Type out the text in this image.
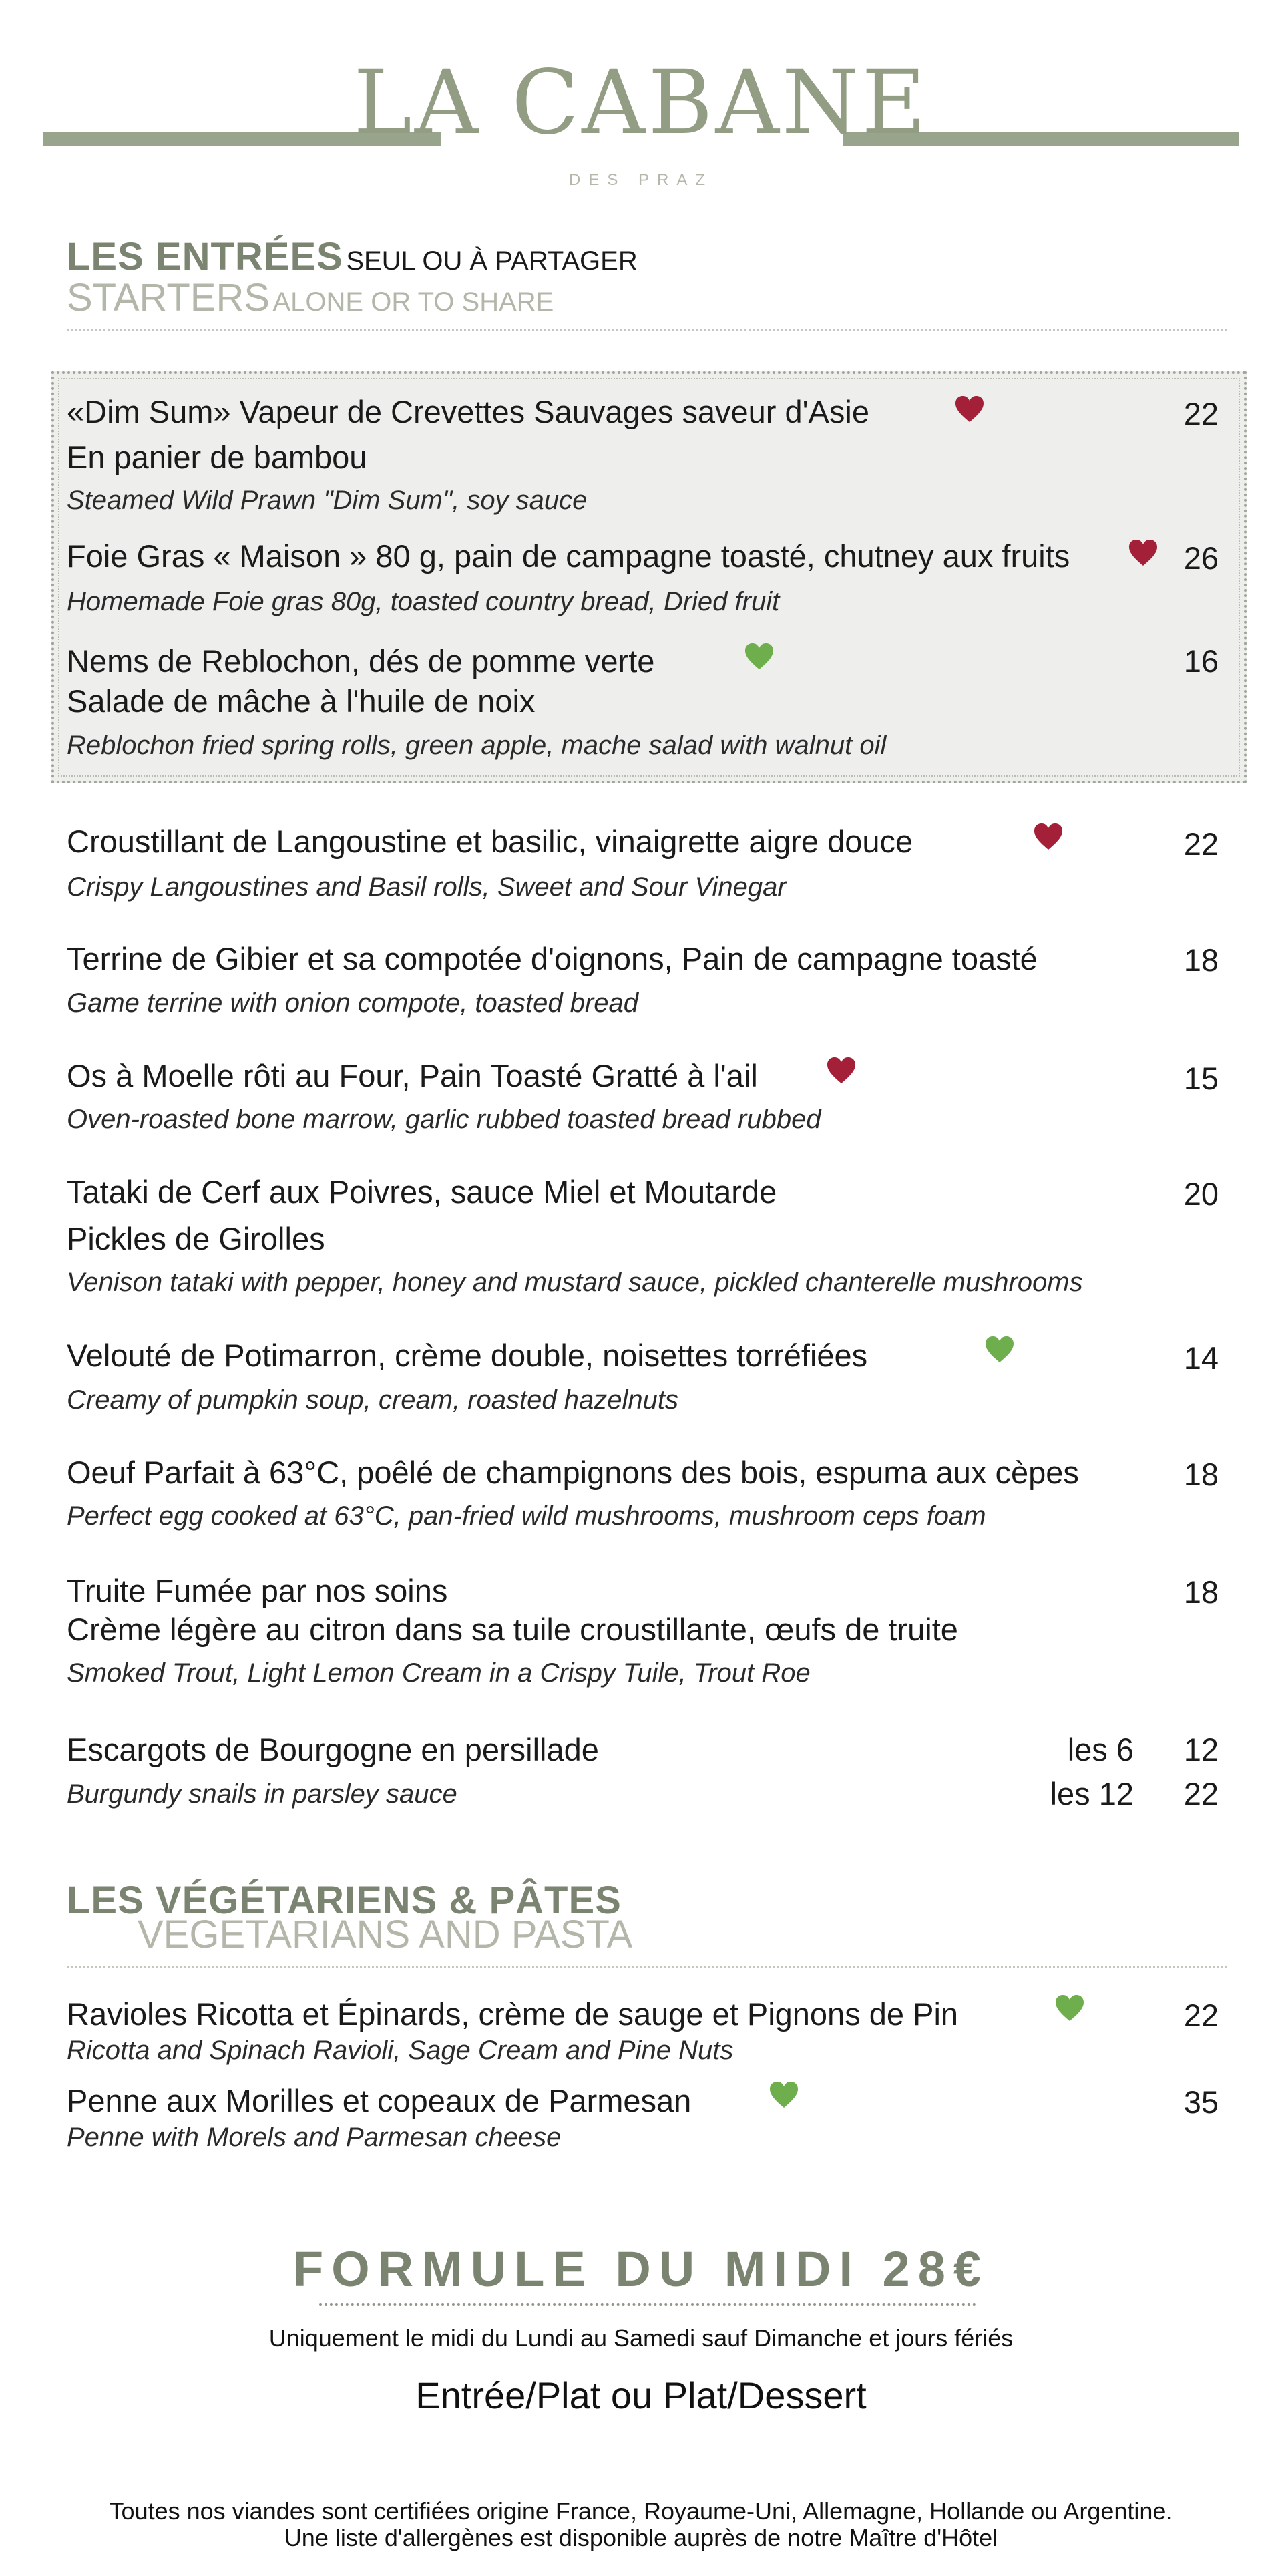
LA CABANE
DES PRAZ
LES ENTRÉES SEUL OU À PARTAGER
STARTERS ALONE OR TO SHARE
«Dim Sum» Vapeur de Crevettes Sauvages saveur d'Asie	22
En panier de bambou
Steamed Wild Prawn "Dim Sum", soy sauce
Foie Gras « Maison » 80 g, pain de campagne toasté, chutney aux fruits	26
Homemade Foie gras 80g, toasted country bread, Dried fruit
Nems de Reblochon, dés de pomme verte	16
Salade de mâche à l'huile de noix
Reblochon fried spring rolls, green apple, mache salad with walnut oil
Croustillant de Langoustine et basilic, vinaigrette aigre douce	22
Crispy Langoustines and Basil rolls, Sweet and Sour Vinegar
Terrine de Gibier et sa compotée d'oignons, Pain de campagne toasté	18
Game terrine with onion compote, toasted bread
Os à Moelle rôti au Four, Pain Toasté Gratté à l'ail	15
Oven-roasted bone marrow, garlic rubbed toasted bread rubbed
Tataki de Cerf aux Poivres, sauce Miel et Moutarde	20
Pickles de Girolles
Venison tataki with pepper, honey and mustard sauce, pickled chanterelle mushrooms
Velouté de Potimarron, crème double, noisettes torréfiées	14
Creamy of pumpkin soup, cream, roasted hazelnuts
Oeuf Parfait à 63°C, poêlé de champignons des bois, espuma aux cèpes	18
Perfect egg cooked at 63°C, pan-fried wild mushrooms, mushroom ceps foam
Truite Fumée par nos soins	18
Crème légère au citron dans sa tuile croustillante, œufs de truite
Smoked Trout, Light Lemon Cream in a Crispy Tuile, Trout Roe
Escargots de Bourgogne en persillade	les 6 12
Burgundy snails in parsley sauce	les 12 22
LES VÉGÉTARIENS & PÂTES
VEGETARIANS AND PASTA
Ravioles Ricotta et Épinards, crème de sauge et Pignons de Pin	22
Ricotta and Spinach Ravioli, Sage Cream and Pine Nuts
Penne aux Morilles et copeaux de Parmesan	35
Penne with Morels and Parmesan cheese
FORMULE DU MIDI 28€
Uniquement le midi du Lundi au Samedi sauf Dimanche et jours fériés
Entrée/Plat ou Plat/Dessert
Toutes nos viandes sont certifiées origine France, Royaume-Uni, Allemagne, Hollande ou Argentine.
Une liste d'allergènes est disponible auprès de notre Maître d'Hôtel
